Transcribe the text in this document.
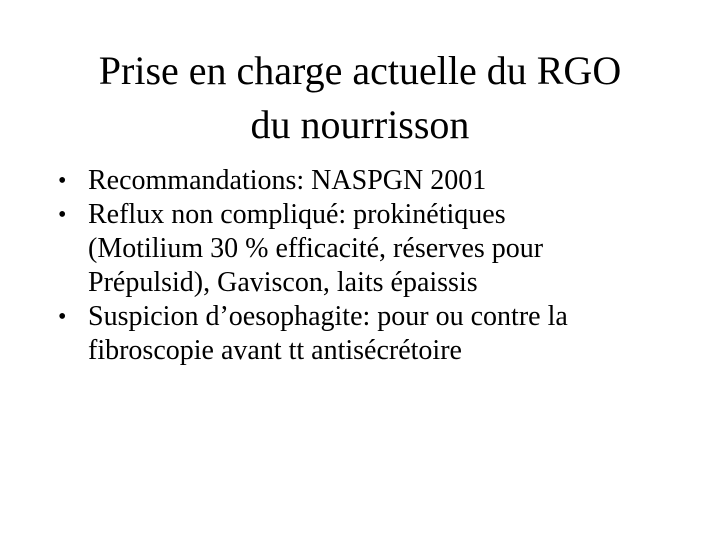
Prise en charge actuelle du RGO
du nourrisson
• Recommandations: NASPGN 2001
• Reflux non compliqué: prokinétiques
(Motilium 30 % efficacité, réserves pour
Prépulsid), Gaviscon, laits épaissis
• Suspicion d’oesophagite: pour ou contre la
fibroscopie avant tt antisécrétoire
